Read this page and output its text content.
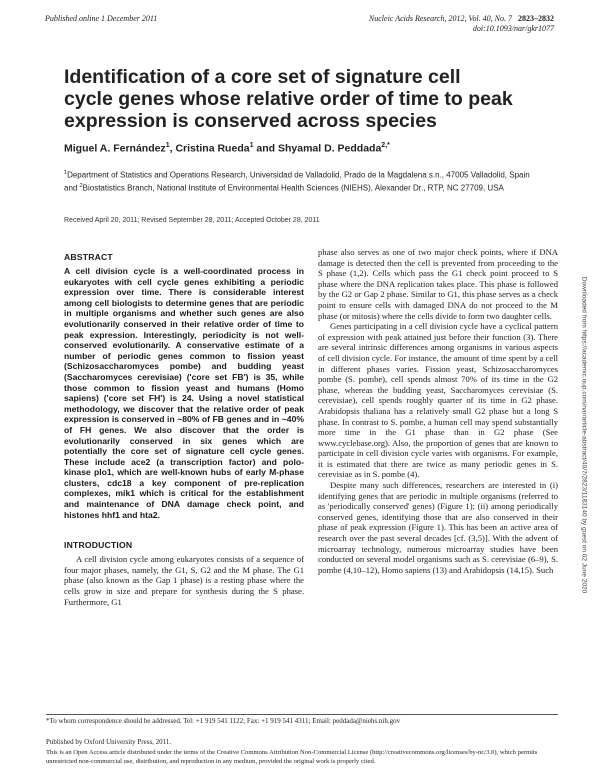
Published online 1 December 2011	Nucleic Acids Research, 2012, Vol. 40, No. 7 2823–2832
doi:10.1093/nar/gkr1077
Downloaded from https://academic.oup.com/nar/article-abstract/40/7/2823/1183140 by guest on 02 June 2020
Identification of a core set of signature cell cycle genes whose relative order of time to peak expression is conserved across species
Miguel A. Fernández$^1$, Cristina Rueda$^1$ and Shyamal D. Peddada$^{2,*}$
$^1$Department of Statistics and Operations Research, Universidad de Valladolid, Prado de la Magdalena s.n., 47005 Valladolid, Spain and $^2$Biostatistics Branch, National Institute of Environmental Health Sciences (NIEHS), Alexander Dr., RTP, NC 27709, USA
Received April 20, 2011; Revised September 28, 2011; Accepted October 28, 2011
ABSTRACT

A cell division cycle is a well-coordinated process in eukaryotes with cell cycle genes exhibiting a periodic expression over time. There is considerable interest among cell biologists to determine genes that are periodic in multiple organisms and whether such genes are also evolutionarily conserved in their relative order of time to peak expression. Interestingly, periodicity is not well-conserved evolutionarily. A conservative estimate of a number of periodic genes common to fission yeast (Schizosaccharomyces pombe) and budding yeast (Saccharomyces cerevisiae) ('core set FB') is 35, while those common to fission yeast and humans (Homo sapiens) ('core set FH') is 24. Using a novel statistical methodology, we discover that the relative order of peak expression is conserved in ~80% of FB genes and in ~40% of FH genes. We also discover that the order is evolutionarily conserved in six genes which are potentially the core set of signature cell cycle genes. These include ace2 (a transcription factor) and polo-kinase plo1, which are well-known hubs of early M-phase clusters, cdc18 a key component of pre-replication complexes, mik1 which is critical for the establishment and maintenance of DNA damage check point, and histones hhf1 and hta2.

INTRODUCTION

A cell division cycle among eukaryotes consists of a sequence of four major phases, namely, the G1, S, G2 and the M phase. The G1 phase (also known as the Gap 1 phase) is a resting phase where the cells grow in size and prepare for synthesis during the S phase. Furthermore, G1

phase also serves as one of two major check points, where if DNA damage is detected then the cell is prevented from proceeding to the S phase (1,2). Cells which pass the G1 check point proceed to S phase where the DNA replication takes place. This phase is followed by the G2 or Gap 2 phase. Similar to G1, this phase serves as a check point to ensure cells with damaged DNA do not proceed to the M phase (or mitosis) where the cells divide to form two daughter cells.

Genes participating in a cell division cycle have a cyclical pattern of expression with peak attained just before their function (3). There are several intrinsic differences among organisms in various aspects of cell division cycle. For instance, the amount of time spent by a cell in different phases varies. Fission yeast, Schizosaccharomyces pombe (S. pombe), cell spends almost 70% of its time in the G2 phase, whereas the budding yeast, Saccharomyces cerevisiae (S. cerevisiae), cell spends roughly quarter of its time in G2 phase. Arabidopsis thaliana has a relatively small G2 phase but a long S phase. In contrast to S. pombe, a human cell may spend substantially more time in the G1 phase than in G2 phase (See www.cyclebase.org). Also, the proportion of genes that are known to participate in cell division cycle varies with organisms. For example, it is estimated that there are twice as many periodic genes in S. cerevisiae as in S. pombe (4).

Despite many such differences, researchers are interested in (i) identifying genes that are periodic in multiple organisms (referred to as 'periodically conserved' genes) (Figure 1); (ii) among periodically conserved genes, identifying those that are also conserved in their phase of peak expression (Figure 1). This has been an active area of research over the past several decades [cf. (3,5)]. With the advent of microarray technology, numerous microarray studies have been conducted on several model organisms such as S. cerevisiae (6–9), S. pombe (4,10–12), Homo sapiens (13) and Arabidopsis (14,15). Such

*To whom correspondence should be addressed. Tel: +1 919 541 1122; Fax: +1 919 541 4311; Email: peddada@niehs.nih.gov
Published by Oxford University Press, 2011.
This is an Open Access article distributed under the terms of the Creative Commons Attribution Non-Commercial License (http://creativecommons.org/licenses/by-nc/3.0), which permits unrestricted non-commercial use, distribution, and reproduction in any medium, provided the original work is properly cited.
